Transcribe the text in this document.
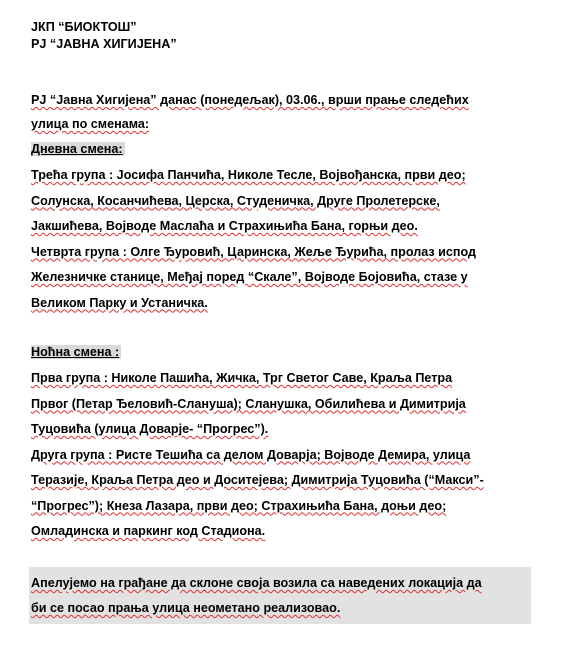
ЈКП “БИОКТОШ”
РЈ “ЈАВНА ХИГИЈЕНА”
РЈ “Јавна Хигијена” данас (понедељак), 03.06., врши прање следећих
улица по сменама:
Дневна смена:
Трећа група : Јосифа Панчића, Николе Тесле, Војвођанска, први део;
Солунска, Косанчићева, Церска, Студеничка, Друге Пролетерске,
Јакшићева, Војводе Маслаћа и Страхињића Бана, горњи део.
Четврта група : Олге Ђуровић, Царинска, Жеље Ђурића, пролаз испод
Железничке станице, Међај поред “Скале”, Војводе Бојовића, стазе у
Великом Парку и Устаничка.
Ноћна смена :
Прва група : Николе Пашића, Жичка, Трг Светог Саве, Краља Петра
Првог (Петар Ђеловић-Сланушa); Сланушка, Обилићева и Димитрија
Туцовића (улица Доварје- “Прогрес”).
Друга група : Ристе Тешића са делом Доварја; Војводе Демира, улица
Теразије, Краља Петра део и Доситејева; Димитрија Туцовића (“Макси”-
“Прогрес”); Кнеза Лазара, први део; Страхињића Бана, доњи део;
Омладинска и паркинг код Стадиона.
Апелујемо на грађане да склоне своја возила са наведених локација да
би се посао прања улица неометано реализовао.
